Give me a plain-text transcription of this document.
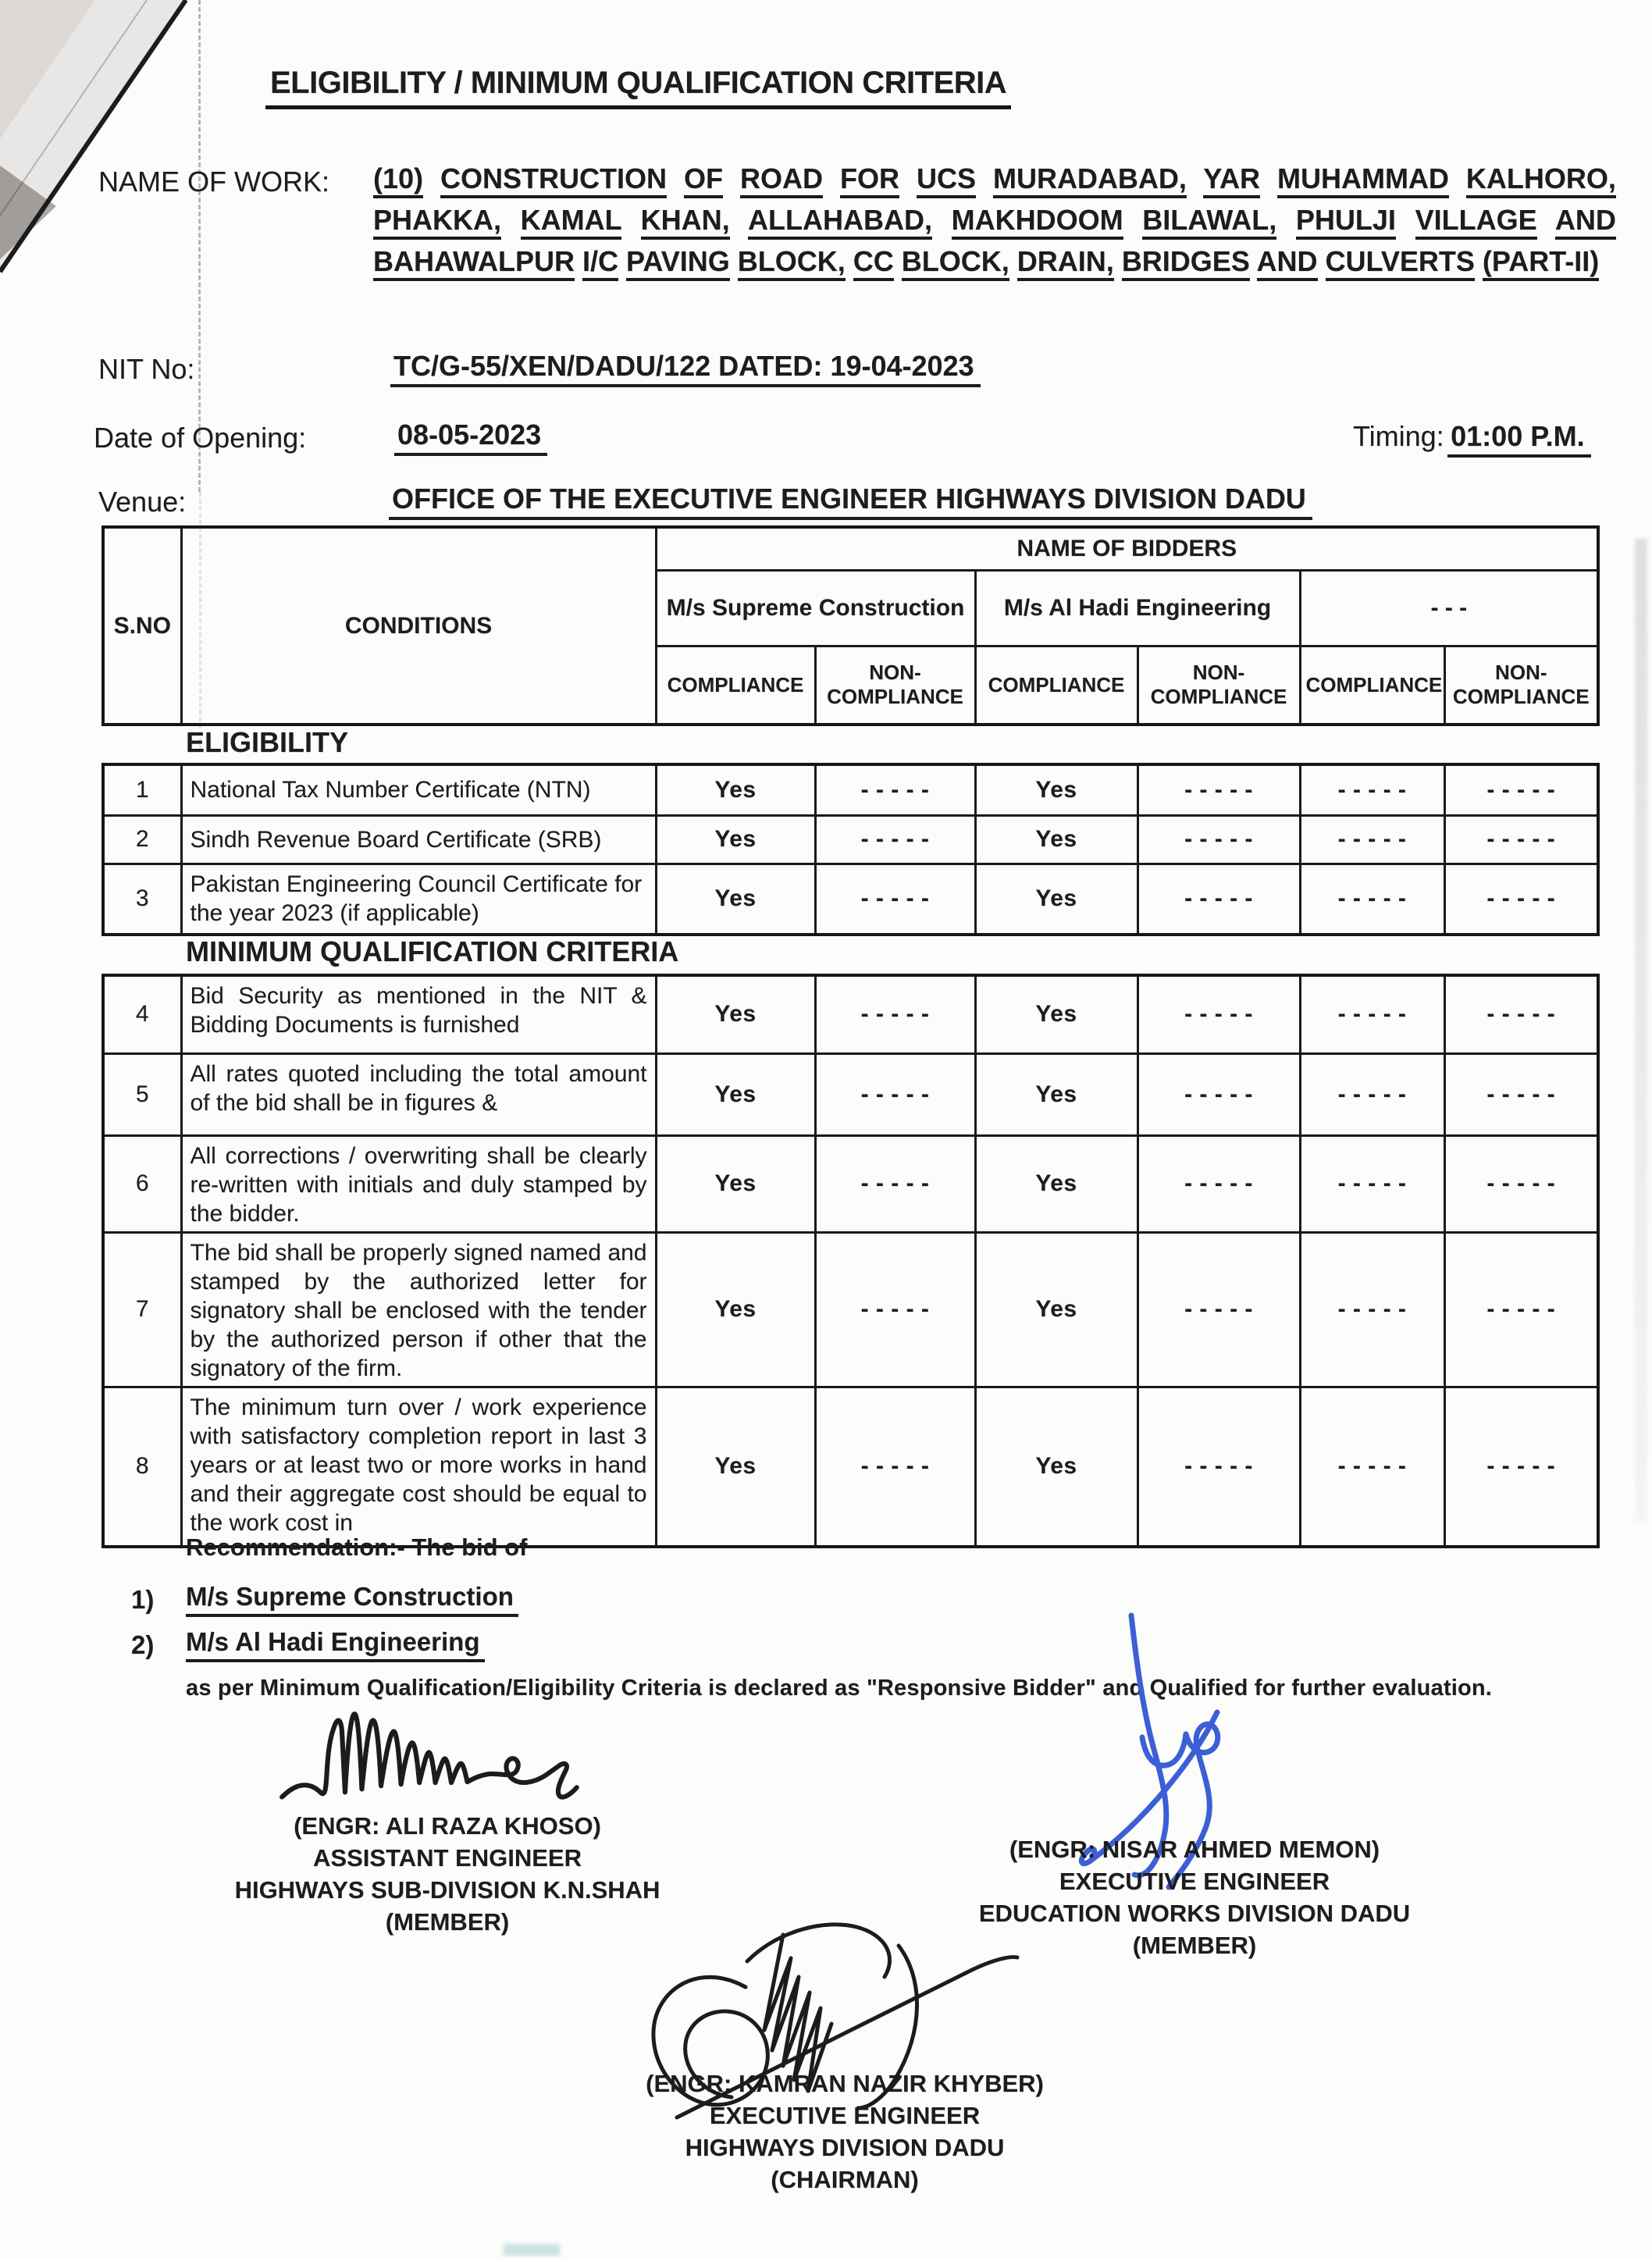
ELIGIBILITY / MINIMUM QUALIFICATION CRITERIA
NAME OF WORK: (10) CONSTRUCTION OF ROAD FOR UCS MURADABAD, YAR MUHAMMAD KALHORO, PHAKKA, KAMAL KHAN, ALLAHABAD, MAKHDOOM BILAWAL, PHULJI VILLAGE AND BAHAWALPUR I/C PAVING BLOCK, CC BLOCK, DRAIN, BRIDGES AND CULVERTS (PART-II)
NIT No:	TC/G-55/XEN/DADU/122 DATED: 19-04-2023
Date of Opening:	08-05-2023	Timing: 01:00 P.M.
Venue:	OFFICE OF THE EXECUTIVE ENGINEER HIGHWAYS DIVISION DADU
S.NO	CONDITIONS	NAME OF BIDDERS					
		M/s Supreme Construction		M/s Al Hadi Engineering		- - -	
		COMPLIANCE	NON-COMPLIANCE	COMPLIANCE	NON-COMPLIANCE	COMPLIANCE	NON-COMPLIANCE
ELIGIBILITY
1	National Tax Number Certificate (NTN)	Yes	- - - - -	Yes	- - - - -	- - - - -	- - - - -
2	Sindh Revenue Board Certificate (SRB)	Yes	- - - - -	Yes	- - - - -	- - - - -	- - - - -
3	Pakistan Engineering Council Certificate for the year 2023 (if applicable)	Yes	- - - - -	Yes	- - - - -	- - - - -	- - - - -
MINIMUM QUALIFICATION CRITERIA
4	Bid Security as mentioned in the NIT & Bidding Documents is furnished	Yes	- - - - -	Yes	- - - - -	- - - - -	- - - - -
5	All rates quoted including the total amount of the bid shall be in figures &	Yes	- - - - -	Yes	- - - - -	- - - - -	- - - - -
6	All corrections / overwriting shall be clearly re-written with initials and duly stamped by the bidder.	Yes	- - - - -	Yes	- - - - -	- - - - -	- - - - -
7	The bid shall be properly signed named and stamped by the authorized letter for signatory shall be enclosed with the tender by the authorized person if other that the signatory of the firm.	Yes	- - - - -	Yes	- - - - -	- - - - -	- - - - -
8	The minimum turn over / work experience with satisfactory completion report in last 3 years or at least two or more works in hand and their aggregate cost should be equal to the work cost in	Yes	- - - - -	Yes	- - - - -	- - - - -	- - - - -
Recommendation:- The bid of
1) M/s Supreme Construction
2) M/s Al Hadi Engineering
as per Minimum Qualification/Eligibility Criteria is declared as "Responsive Bidder" and Qualified for further evaluation.
(ENGR: ALI RAZA KHOSO)
ASSISTANT ENGINEER
HIGHWAYS SUB-DIVISION K.N.SHAH
(MEMBER)
(ENGR: NISAR AHMED MEMON)
EXECUTIVE ENGINEER
EDUCATION WORKS DIVISION DADU
(MEMBER)
(ENGR: KAMRAN NAZIR KHYBER)
EXECUTIVE ENGINEER
HIGHWAYS DIVISION DADU
(CHAIRMAN)
